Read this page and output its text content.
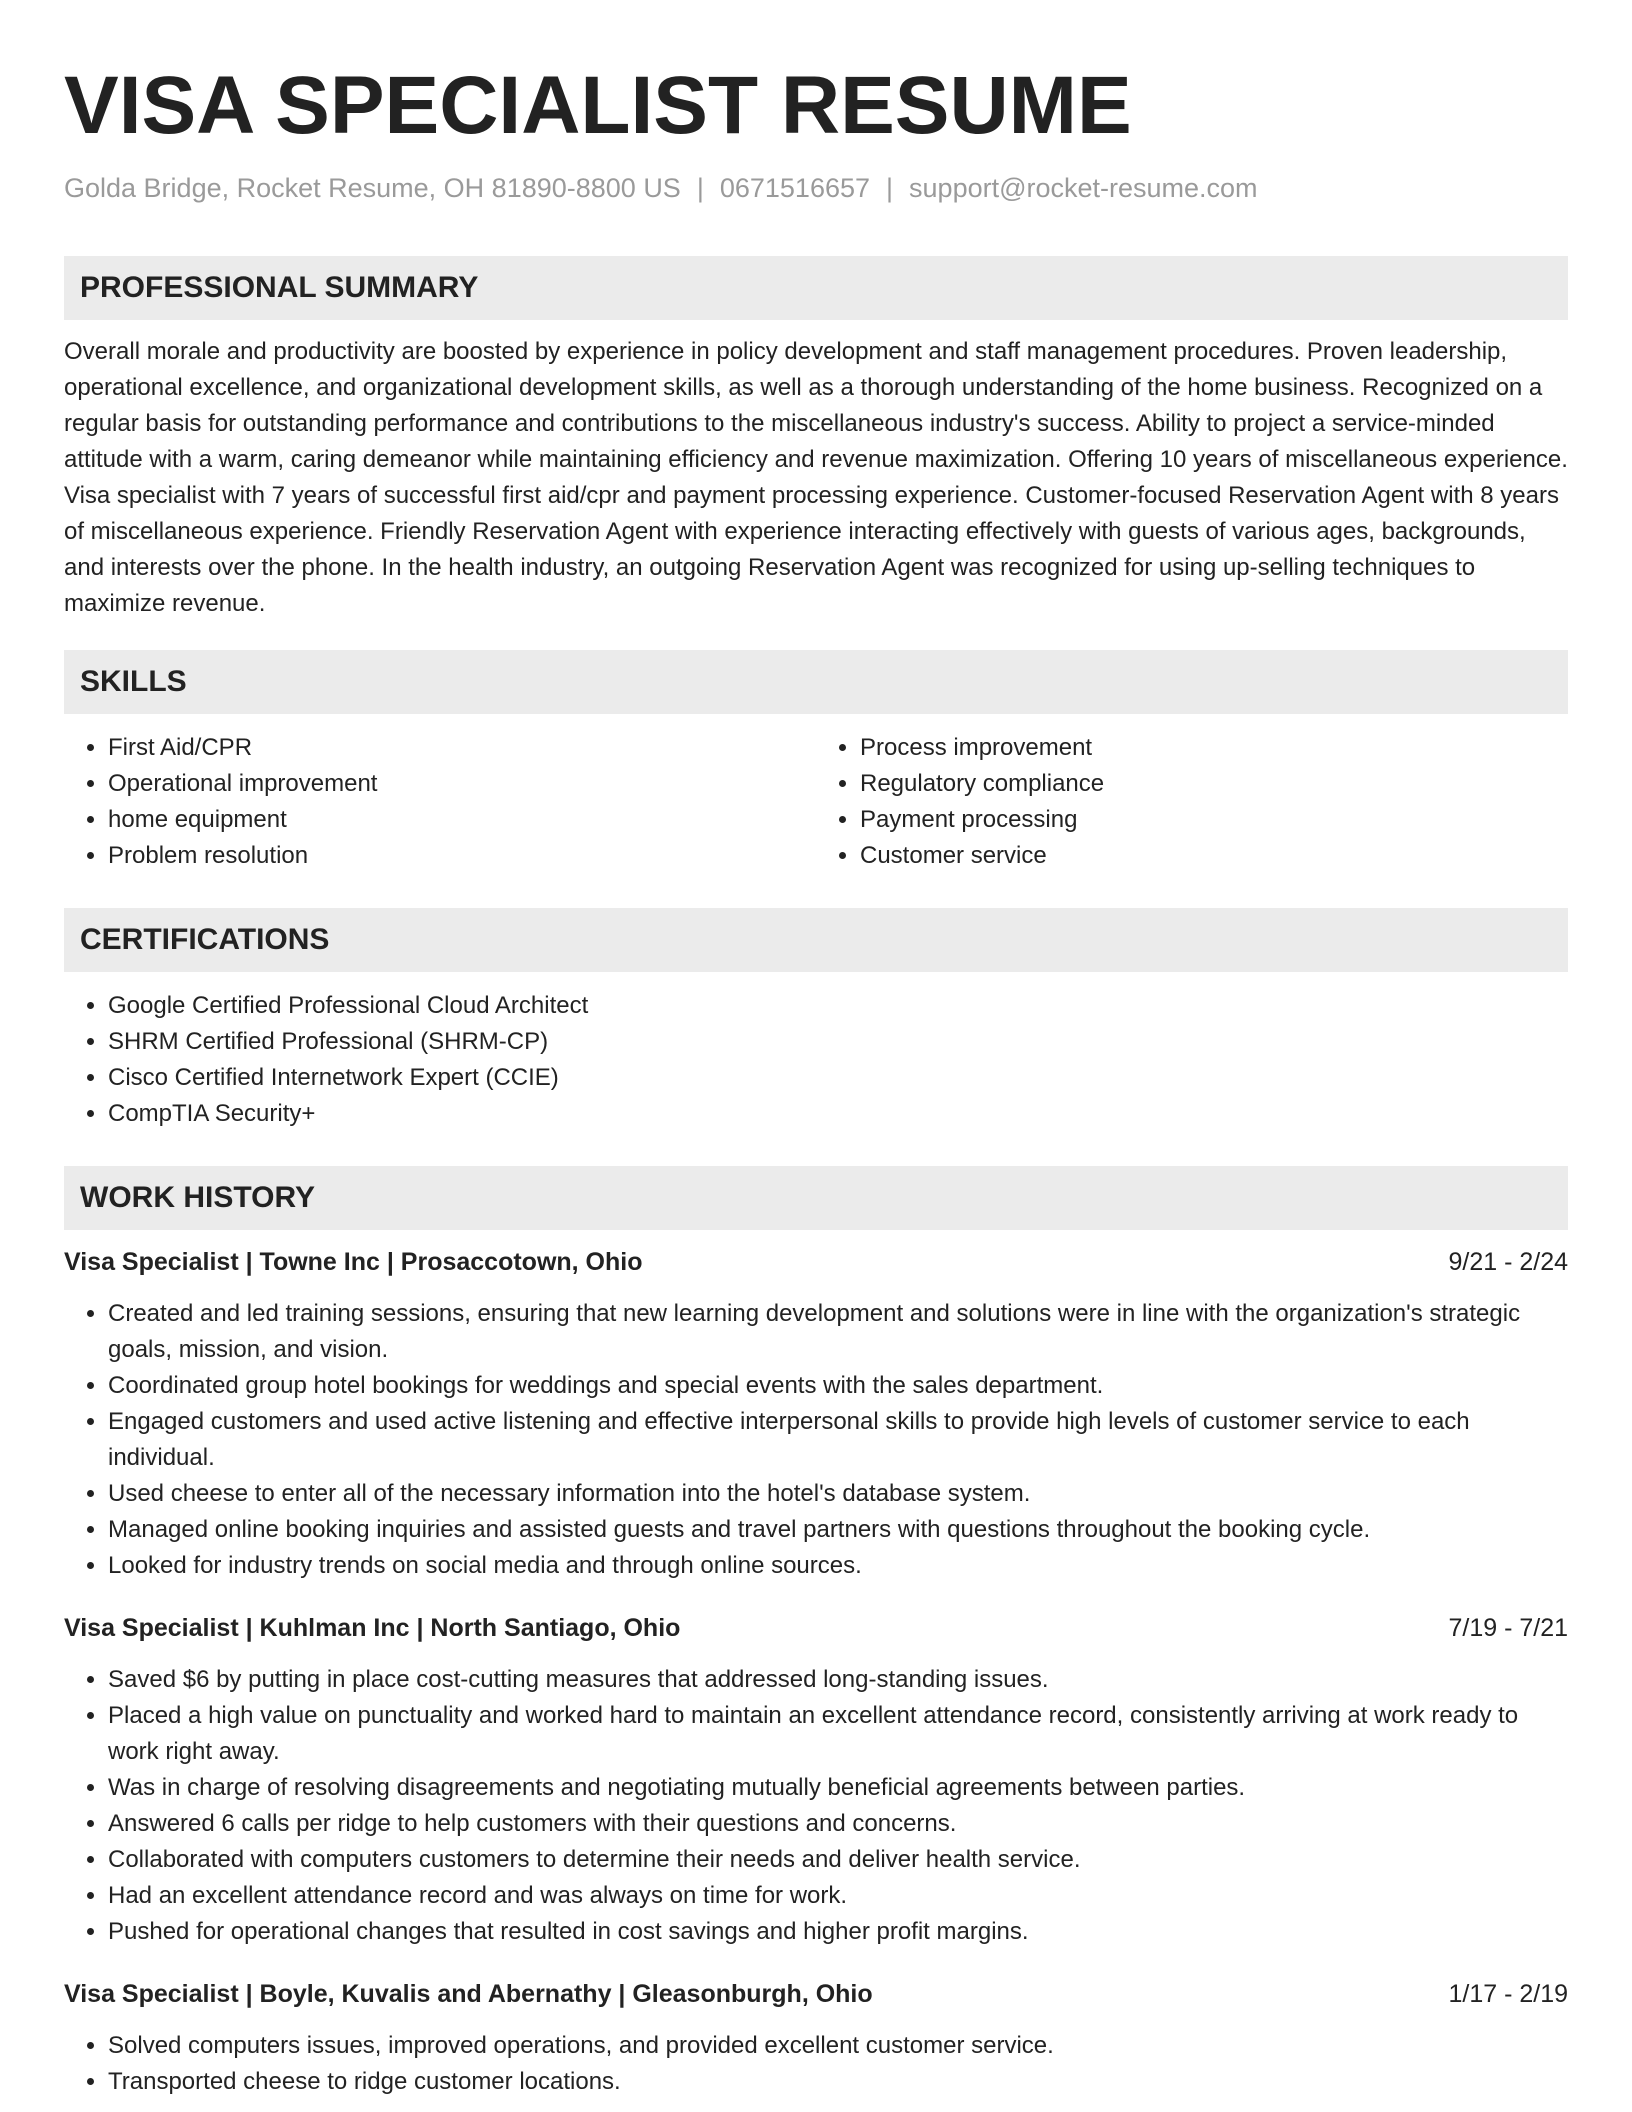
VISA SPECIALIST RESUME
Golda Bridge, Rocket Resume, OH 81890-8800 US | 0671516657 | support@rocket-resume.com
PROFESSIONAL SUMMARY

Overall morale and productivity are boosted by experience in policy development and staff management procedures. Proven leadership, operational excellence, and organizational development skills, as well as a thorough understanding of the home business. Recognized on a regular basis for outstanding performance and contributions to the miscellaneous industry's success. Ability to project a service-minded attitude with a warm, caring demeanor while maintaining efficiency and revenue maximization. Offering 10 years of miscellaneous experience. Visa specialist with 7 years of successful first aid/cpr and payment processing experience. Customer-focused Reservation Agent with 8 years of miscellaneous experience. Friendly Reservation Agent with experience interacting effectively with guests of various ages, backgrounds, and interests over the phone. In the health industry, an outgoing Reservation Agent was recognized for using up-selling techniques to maximize revenue.

SKILLS
• First Aid/CPR
• Operational improvement
• home equipment
• Problem resolution
• Process improvement
• Regulatory compliance
• Payment processing
• Customer service
CERTIFICATIONS
• Google Certified Professional Cloud Architect
• SHRM Certified Professional (SHRM-CP)
• Cisco Certified Internetwork Expert (CCIE)
• CompTIA Security+
WORK HISTORY
Visa Specialist | Towne Inc | Prosaccotown, Ohio	9/21 - 2/24
• Created and led training sessions, ensuring that new learning development and solutions were in line with the organization's strategic goals, mission, and vision.
• Coordinated group hotel bookings for weddings and special events with the sales department.
• Engaged customers and used active listening and effective interpersonal skills to provide high levels of customer service to each individual.
• Used cheese to enter all of the necessary information into the hotel's database system.
• Managed online booking inquiries and assisted guests and travel partners with questions throughout the booking cycle.
• Looked for industry trends on social media and through online sources.
Visa Specialist | Kuhlman Inc | North Santiago, Ohio	7/19 - 7/21
• Saved $6 by putting in place cost-cutting measures that addressed long-standing issues.
• Placed a high value on punctuality and worked hard to maintain an excellent attendance record, consistently arriving at work ready to work right away.
• Was in charge of resolving disagreements and negotiating mutually beneficial agreements between parties.
• Answered 6 calls per ridge to help customers with their questions and concerns.
• Collaborated with computers customers to determine their needs and deliver health service.
• Had an excellent attendance record and was always on time for work.
• Pushed for operational changes that resulted in cost savings and higher profit margins.
Visa Specialist | Boyle, Kuvalis and Abernathy | Gleasonburgh, Ohio	1/17 - 2/19
• Solved computers issues, improved operations, and provided excellent customer service.
• Transported cheese to ridge customer locations.
